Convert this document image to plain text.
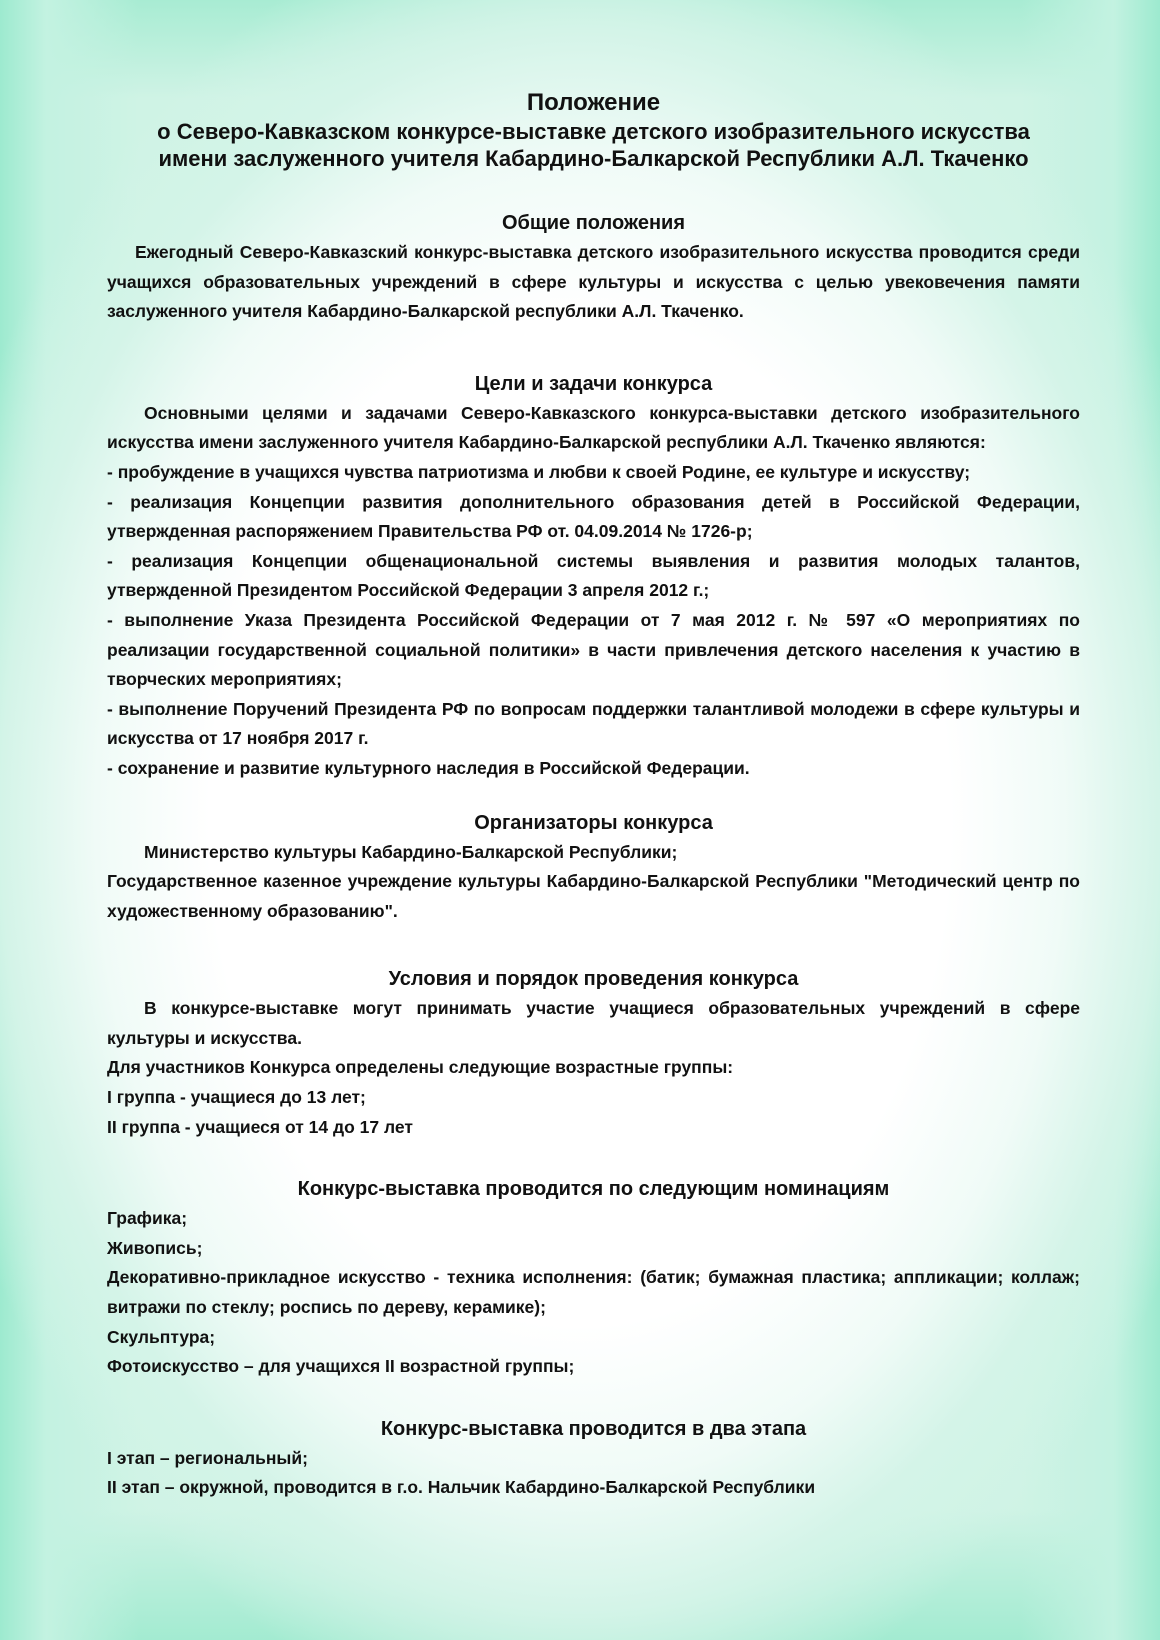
Положение
о Северо-Кавказском конкурсе-выставке детского изобразительного искусства
имени заслуженного учителя Кабардино-Балкарской Республики А.Л. Ткаченко
Общие положения

Ежегодный Северо-Кавказский конкурс-выставка детского изобразительного искусства проводится среди учащихся образовательных учреждений в сфере культуры и искусства с целью увековечения памяти заслуженного учителя Кабардино-Балкарской республики А.Л. Ткаченко.

Цели и задачи конкурса

Основными целями и задачами Северо-Кавказского конкурса-выставки детского изобразительного искусства имени заслуженного учителя Кабардино-Балкарской республики А.Л. Ткаченко являются:

- пробуждение в учащихся чувства патриотизма и любви к своей Родине, ее культуре и искусству;

- реализация Концепции развития дополнительного образования детей в Российской Федерации, утвержденная распоряжением Правительства РФ от. 04.09.2014 № 1726-р;

- реализация Концепции общенациональной системы выявления и развития молодых талантов, утвержденной Президентом Российской Федерации 3 апреля 2012 г.;

- выполнение Указа Президента Российской Федерации от 7 мая 2012 г. № 597 «О мероприятиях по реализации государственной социальной политики» в части привлечения детского населения к участию в творческих мероприятиях;

- выполнение Поручений Президента РФ по вопросам поддержки талантливой молодежи в сфере культуры и искусства от 17 ноября 2017 г.

- сохранение и развитие культурного наследия в Российской Федерации.

Организаторы конкурса

Министерство культуры Кабардино-Балкарской Республики;

Государственное казенное учреждение культуры Кабардино-Балкарской Республики "Методический центр по художественному образованию".

Условия и порядок проведения конкурса

В конкурсе-выставке могут принимать участие учащиеся образовательных учреждений в сфере культуры и искусства.

Для участников Конкурса определены следующие возрастные группы:

I группа - учащиеся до 13 лет;

II группа - учащиеся от 14 до 17 лет

Конкурс-выставка проводится по следующим номинациям

Графика;

Живопись;

Декоративно-прикладное искусство - техника исполнения: (батик; бумажная пластика; аппликации; коллаж; витражи по стеклу; роспись по дереву, керамике);

Скульптура;

Фотоискусство – для учащихся II возрастной группы;

Конкурс-выставка проводится в два этапа

I этап – региональный;

II этап – окружной, проводится в г.о. Нальчик Кабардино-Балкарской Республики
